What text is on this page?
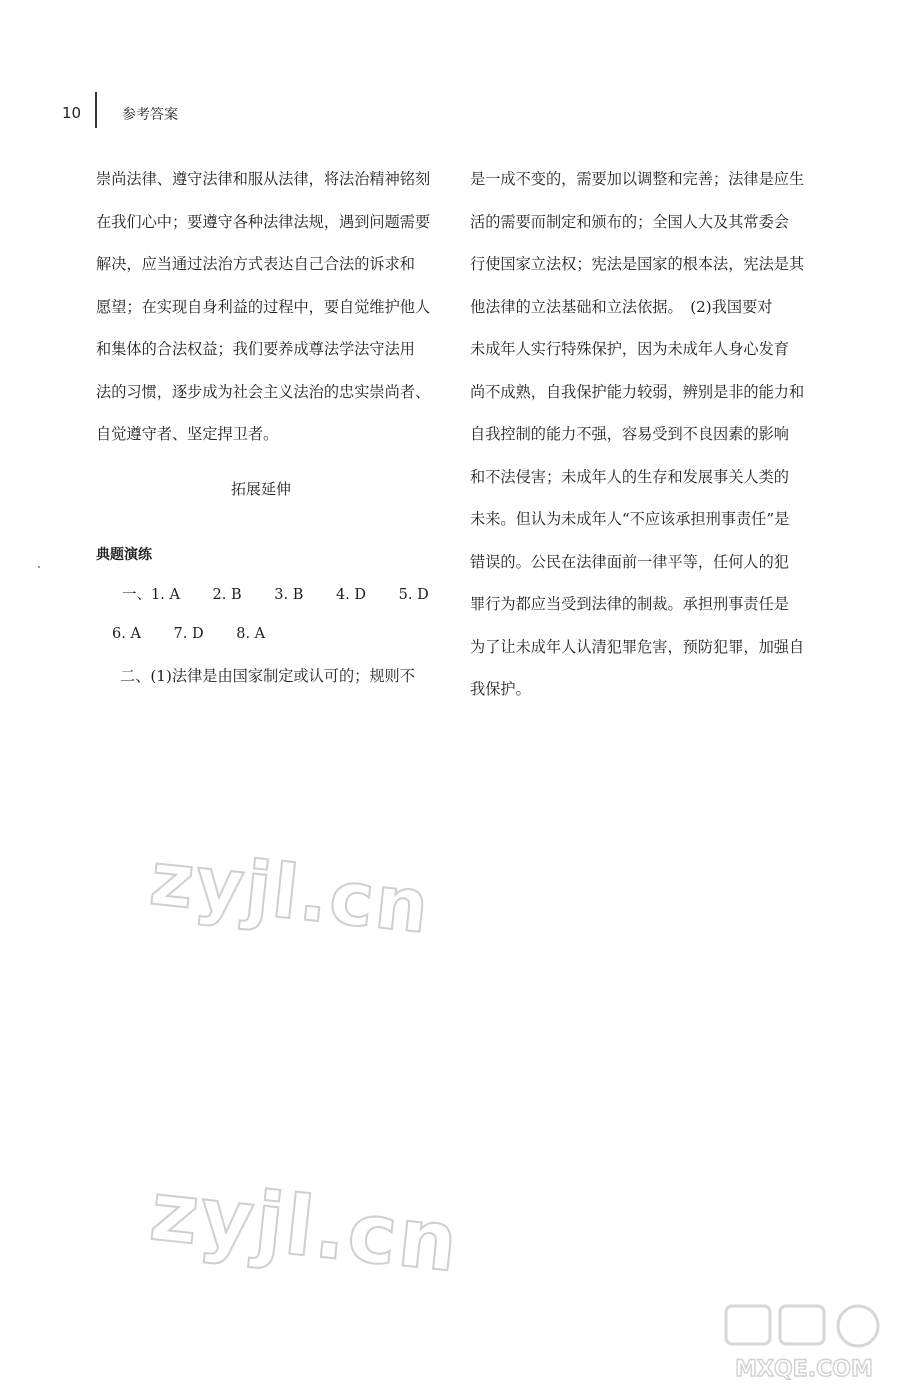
10	参考答案
崇尚法律、遵守法律和服从法律，将法治精神铭刻
在我们心中；要遵守各种法律法规，遇到问题需要
解决，应当通过法治方式表达自己合法的诉求和
愿望；在实现自身利益的过程中，要自觉维护他人
和集体的合法权益；我们要养成尊法学法守法用
法的习惯，逐步成为社会主义法治的忠实崇尚者、
自觉遵守者、坚定捍卫者。
拓展延伸
典题演练
一、1. A 2. B 3. B 4. D 5. D
6. A 7. D 8. A
二、(1)法律是由国家制定或认可的；规则不
是一成不变的，需要加以调整和完善；法律是应生
活的需要而制定和颁布的；全国人大及其常委会
行使国家立法权；宪法是国家的根本法，宪法是其
他法律的立法基础和立法依据。　(2)我国要对
未成年人实行特殊保护，因为未成年人身心发育
尚不成熟，自我保护能力较弱，辨别是非的能力和
自我控制的能力不强，容易受到不良因素的影响
和不法侵害；未成年人的生存和发展事关人类的
未来。但认为未成年人“不应该承担刑事责任”是
错误的。公民在法律面前一律平等，任何人的犯
罪行为都应当受到法律的制裁。承担刑事责任是
为了让未成年人认清犯罪危害，预防犯罪，加强自
我保护。
zyjl.cn
zyjl.cn
MXQE.COM
